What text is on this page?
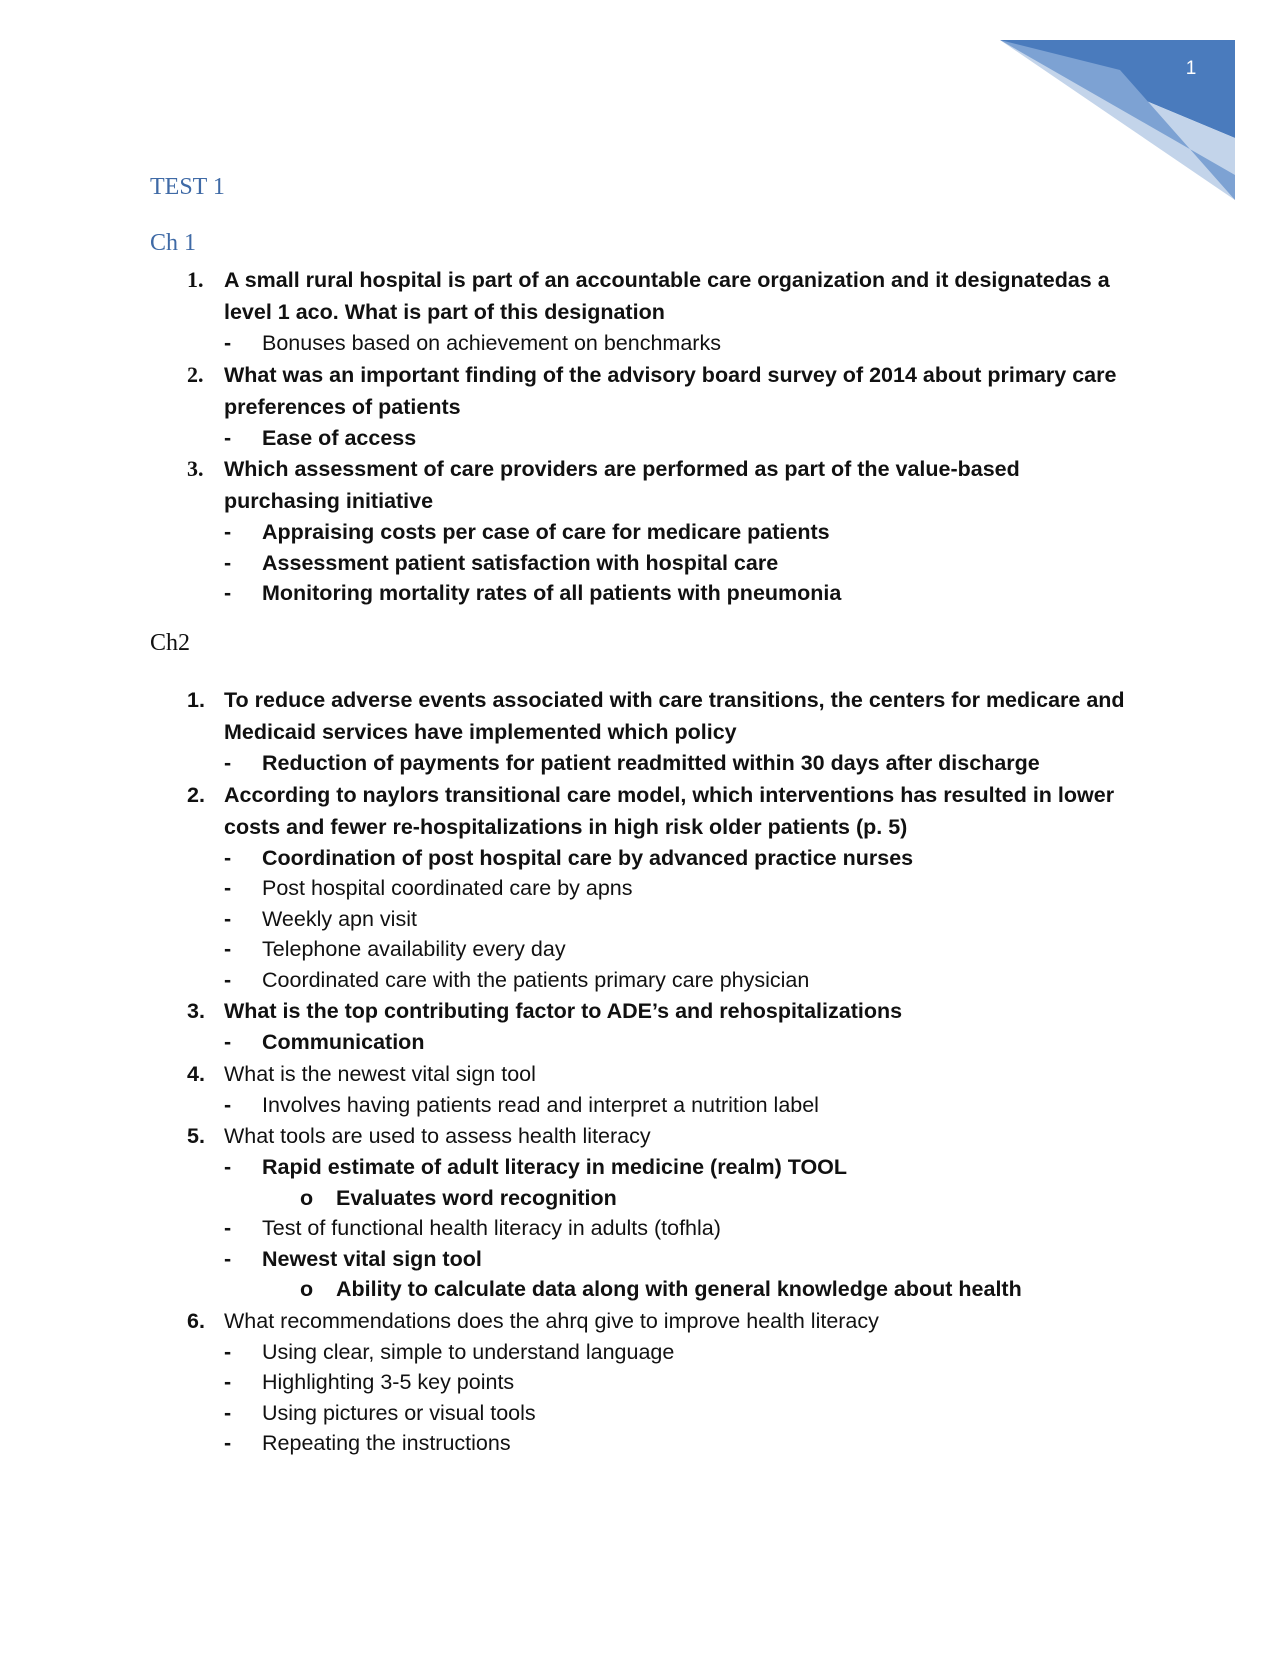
1
TEST 1
Ch 1
1. A small rural hospital is part of an accountable care organization and it designatedas a level 1 aco. What is part of this designation
- Bonuses based on achievement on benchmarks
2. What was an important finding of the advisory board survey of 2014 about primary care preferences of patients
- Ease of access
3. Which assessment of care providers are performed as part of the value-based purchasing initiative
- Appraising costs per case of care for medicare patients
- Assessment patient satisfaction with hospital care
- Monitoring mortality rates of all patients with pneumonia
Ch2
1. To reduce adverse events associated with care transitions, the centers for medicare and Medicaid services have implemented which policy
- Reduction of payments for patient readmitted within 30 days after discharge
2. According to naylors transitional care model, which interventions has resulted in lower costs and fewer re-hospitalizations in high risk older patients (p. 5)
- Coordination of post hospital care by advanced practice nurses
- Post hospital coordinated care by apns
- Weekly apn visit
- Telephone availability every day
- Coordinated care with the patients primary care physician
3. What is the top contributing factor to ADE’s and rehospitalizations
- Communication
4. What is the newest vital sign tool
- Involves having patients read and interpret a nutrition label
5. What tools are used to assess health literacy
- Rapid estimate of adult literacy in medicine (realm) TOOL
o Evaluates word recognition
- Test of functional health literacy in adults (tofhla)
- Newest vital sign tool
o Ability to calculate data along with general knowledge about health
6. What recommendations does the ahrq give to improve health literacy
- Using clear, simple to understand language
- Highlighting 3-5 key points
- Using pictures or visual tools
- Repeating the instructions
